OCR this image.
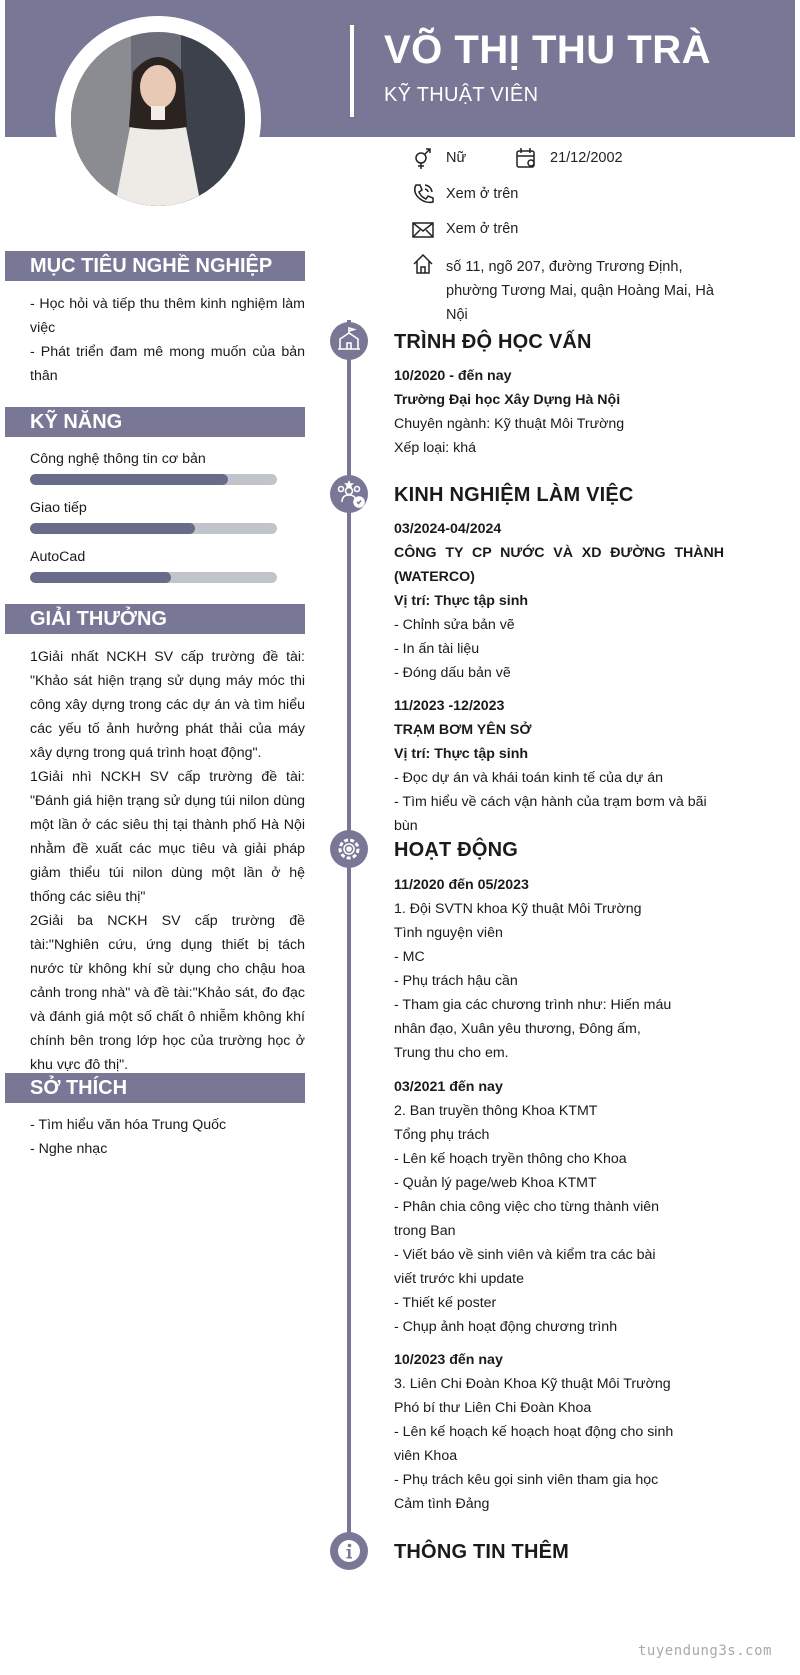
VÕ THỊ THU TRÀ
KỸ THUẬT VIÊN
Nữ	21/12/2002
Xem ở trên
Xem ở trên
số 11, ngõ 207, đường Trương Định, phường Tương Mai, quận Hoàng Mai, Hà Nội
MỤC TIÊU NGHỀ NGHIỆP
- Học hỏi và tiếp thu thêm kinh nghiệm làm việc
- Phát triển đam mê mong muốn của bản thân
KỸ NĂNG
Công nghệ thông tin cơ bản
Giao tiếp
AutoCad
GIẢI THƯỞNG
1Giải nhất NCKH SV cấp trường đề tài: "Khảo sát hiện trạng sử dụng máy móc thi công xây dựng trong các dự án và tìm hiểu các yếu tố ảnh hưởng phát thải của máy xây dựng trong quá trình hoạt động".
1Giải nhì NCKH SV cấp trường đề tài: "Đánh giá hiện trạng sử dụng túi nilon dùng một lần ở các siêu thị tại thành phố Hà Nội nhằm đề xuất các mục tiêu và giải pháp giảm thiểu túi nilon dùng một lần ở hệ thống các siêu thị"
2Giải ba NCKH SV cấp trường đề tài:"Nghiên cứu, ứng dụng thiết bị tách nước từ không khí sử dụng cho chậu hoa cảnh trong nhà" và đề tài:"Khảo sát, đo đạc và đánh giá một số chất ô nhiễm không khí chính bên trong lớp học của trường học ở khu vực đô thị".
SỞ THÍCH
- Tìm hiểu văn hóa Trung Quốc
- Nghe nhạc
TRÌNH ĐỘ HỌC VẤN
10/2020 - đến nay
Trường Đại học Xây Dựng Hà Nội
Chuyên ngành: Kỹ thuật Môi Trường
Xếp loại: khá
KINH NGHIỆM LÀM VIỆC
03/2024-04/2024
CÔNG TY CP NƯỚC VÀ XD ĐƯỜNG THÀNH (WATERCO)
Vị trí: Thực tập sinh
- Chỉnh sửa bản vẽ
- In ấn tài liệu
- Đóng dấu bản vẽ
11/2023 -12/2023
TRẠM BƠM YÊN SỞ
Vị trí: Thực tập sinh
- Đọc dự án và khái toán kinh tế của dự án
- Tìm hiểu về cách vận hành của trạm bơm và bãi bùn
HOẠT ĐỘNG
11/2020 đến 05/2023
1. Đội SVTN khoa Kỹ thuật Môi Trường
Tình nguyện viên
- MC
- Phụ trách hậu cần
- Tham gia các chương trình như: Hiến máu nhân đạo, Xuân yêu thương, Đông ấm, Trung thu cho em.
03/2021 đến nay
2. Ban truyền thông Khoa KTMT
Tổng phụ trách
- Lên kế hoạch tryền thông cho Khoa
- Quản lý page/web Khoa KTMT
- Phân chia công việc cho từng thành viên trong Ban
- Viết báo về sinh viên và kiểm tra các bài viết trước khi update
- Thiết kế poster
- Chụp ảnh hoạt động chương trình
10/2023 đến nay
3. Liên Chi Đoàn Khoa Kỹ thuật Môi Trường
Phó bí thư Liên Chi Đoàn Khoa
- Lên kế hoạch kế hoạch hoạt động cho sinh viên Khoa
- Phụ trách kêu gọi sinh viên tham gia học Cảm tình Đảng
THÔNG TIN THÊM
tuyendung3s.com
